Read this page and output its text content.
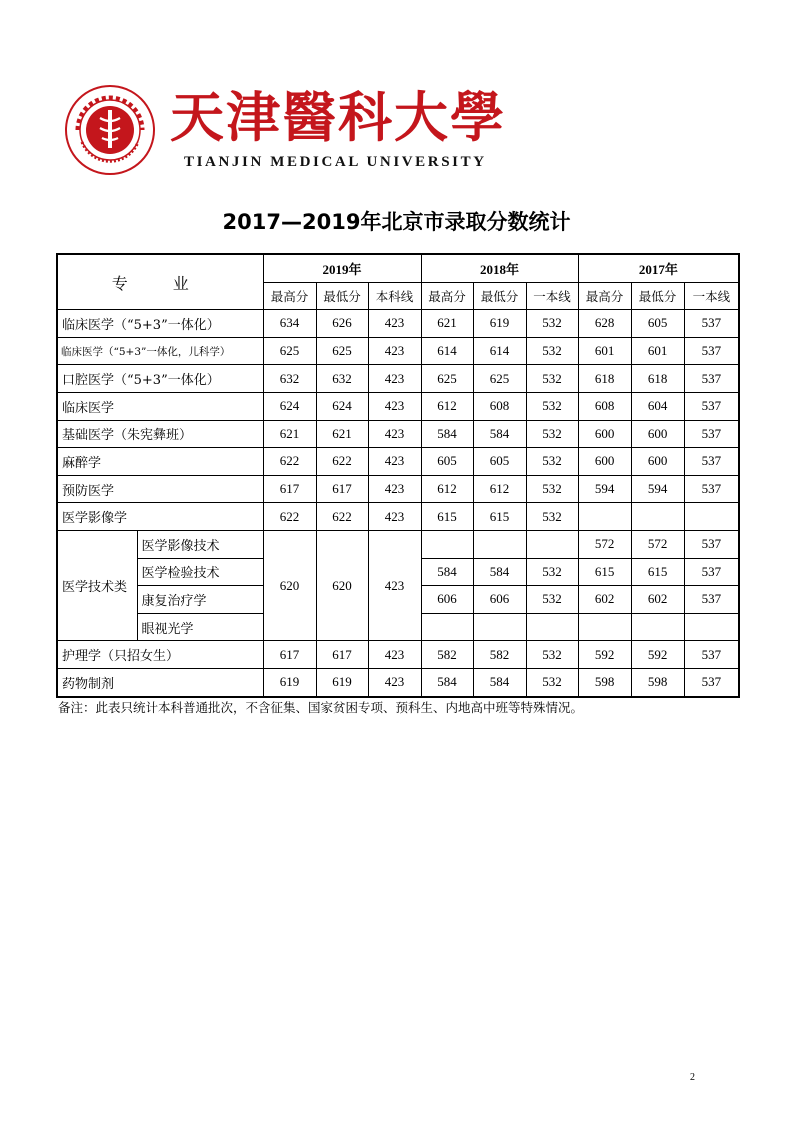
天津醫科大學
TIANJIN MEDICAL UNIVERSITY
2017—2019年北京市录取分数统计
专 业		2019年			2018年			2017年		
		最高分	最低分	本科线	最高分	最低分	一本线	最高分	最低分	一本线
临床医学（“5+3”一体化）		634	626	423	621	619	532	628	605	537
临床医学（“5+3”一体化，儿科学）		625	625	423	614	614	532	601	601	537
口腔医学（“5+3”一体化）		632	632	423	625	625	532	618	618	537
临床医学		624	624	423	612	608	532	608	604	537
基础医学（朱宪彝班）		621	621	423	584	584	532	600	600	537
麻醉学		622	622	423	605	605	532	600	600	537
预防医学		617	617	423	612	612	532	594	594	537
医学影像学		622	622	423	615	615	532			
医学技术类	医学影像技术	620	620	423				572	572	537
	医学检验技术				584	584	532	615	615	537
	康复治疗学				606	606	532	602	602	537
	眼视光学									
护理学（只招女生）		617	617	423	582	582	532	592	592	537
药物制剂		619	619	423	584	584	532	598	598	537
备注：此表只统计本科普通批次，不含征集、国家贫困专项、预科生、内地高中班等特殊情况。
2
